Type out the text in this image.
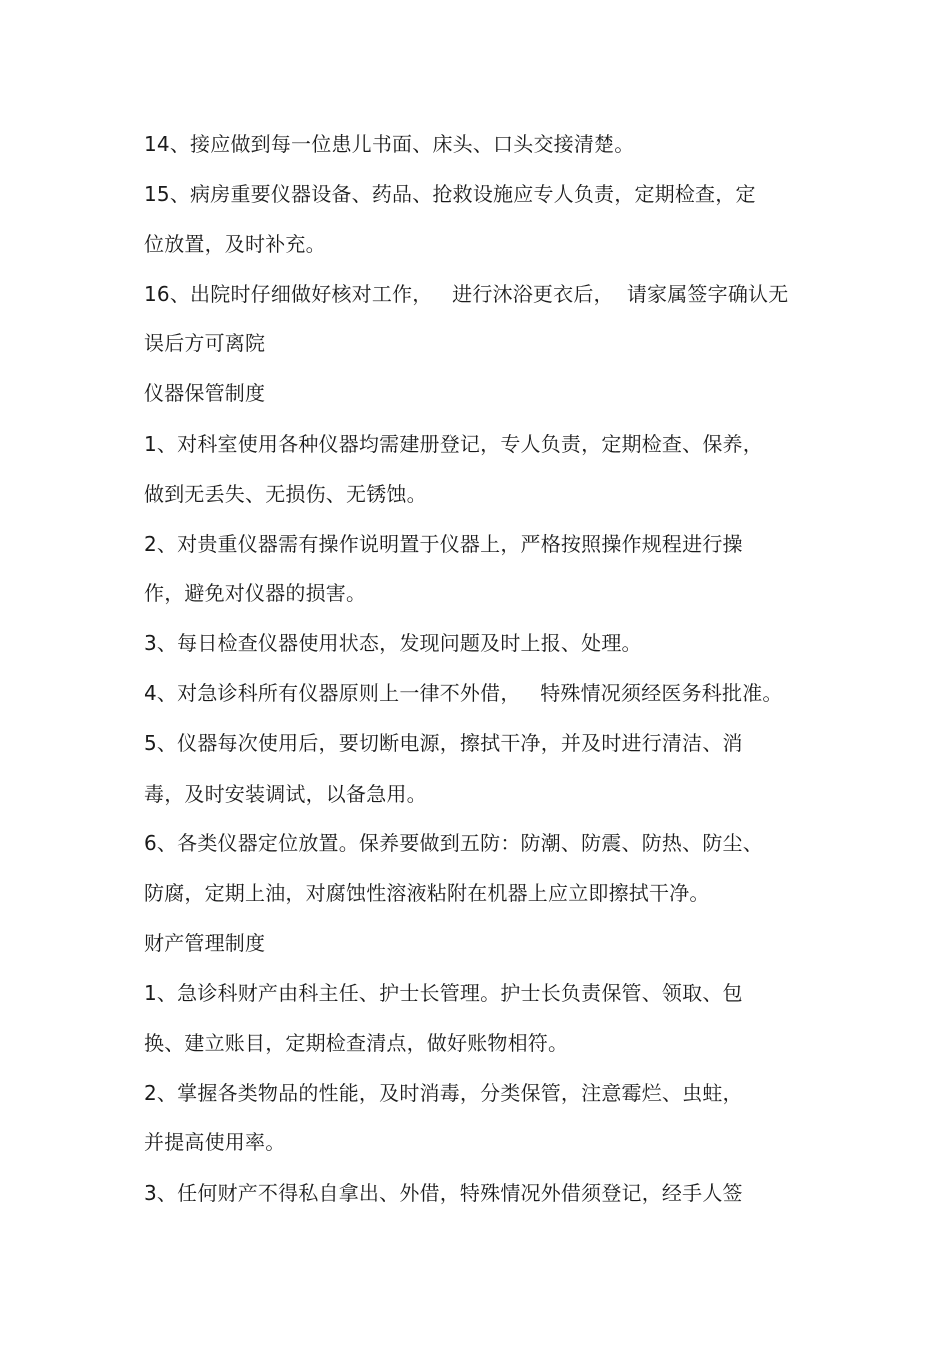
14、接应做到每一位患儿书面、床头、口头交接清楚。

15、病房重要仪器设备、药品、抢救设施应专人负责，定期检查，定

位放置，及时补充。

16、出院时仔细做好核对工作，   进行沐浴更衣后，  请家属签字确认无

误后方可离院

仪器保管制度

1、对科室使用各种仪器均需建册登记，专人负责，定期检查、保养，

做到无丢失、无损伤、无锈蚀。

2、对贵重仪器需有操作说明置于仪器上，严格按照操作规程进行操

作，避免对仪器的损害。

3、每日检查仪器使用状态，发现问题及时上报、处理。

4、对急诊科所有仪器原则上一律不外借，   特殊情况须经医务科批准。

5、仪器每次使用后，要切断电源，擦拭干净，并及时进行清洁、消

毒，及时安装调试，以备急用。

6、各类仪器定位放置。保养要做到五防：防潮、防震、防热、防尘、

防腐，定期上油，对腐蚀性溶液粘附在机器上应立即擦拭干净。

财产管理制度

1、急诊科财产由科主任、护士长管理。护士长负责保管、领取、包

换、建立账目，定期检查清点，做好账物相符。

2、掌握各类物品的性能，及时消毒，分类保管，注意霉烂、虫蛀，

并提高使用率。

3、任何财产不得私自拿出、外借，特殊情况外借须登记，经手人签
